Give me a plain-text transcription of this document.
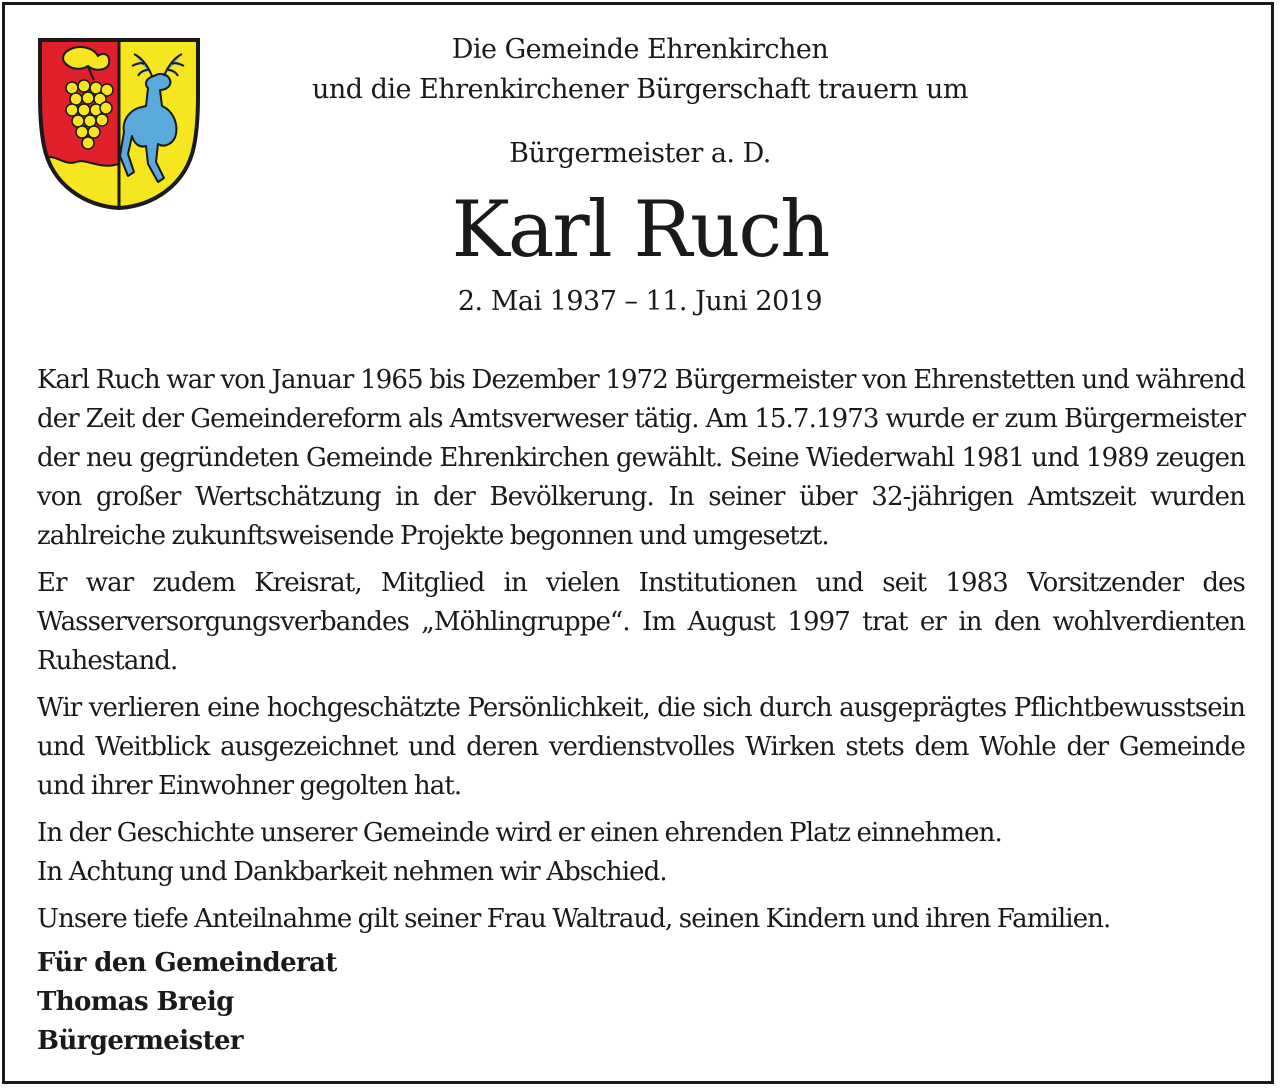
Die Gemeinde Ehrenkirchen
und die Ehrenkirchener Bürgerschaft trauern um
Bürgermeister a. D.
Karl Ruch
2. Mai 1937 – 11. Juni 2019

Karl Ruch war von Januar 1965 bis Dezember 1972 Bürgermeister von Ehrenstetten und während der Zeit der Gemeindereform als Amtsverweser tätig. Am 15.7.1973 wurde er zum Bürgermeister der neu gegründeten Gemeinde Ehrenkirchen gewählt. Seine Wiederwahl 1981 und 1989 zeugen von großer Wertschätzung in der Bevölkerung. In seiner über 32-jährigen Amtszeit wurden zahlreiche zukunftsweisende Projekte begonnen und umgesetzt.

Er war zudem Kreisrat, Mitglied in vielen Institutionen und seit 1983 Vorsitzender des Wasserversorgungsverbandes „Möhlingruppe“. Im August 1997 trat er in den wohlverdienten Ruhestand.

Wir verlieren eine hochgeschätzte Persönlichkeit, die sich durch ausgeprägtes Pflichtbewusstsein und Weitblick ausgezeichnet und deren verdienstvolles Wirken stets dem Wohle der Gemeinde und ihrer Einwohner gegolten hat.

In der Geschichte unserer Gemeinde wird er einen ehrenden Platz einnehmen.

In Achtung und Dankbarkeit nehmen wir Abschied.

Unsere tiefe Anteilnahme gilt seiner Frau Waltraud, seinen Kindern und ihren Familien.

Für den Gemeinderat
Thomas Breig
Bürgermeister
